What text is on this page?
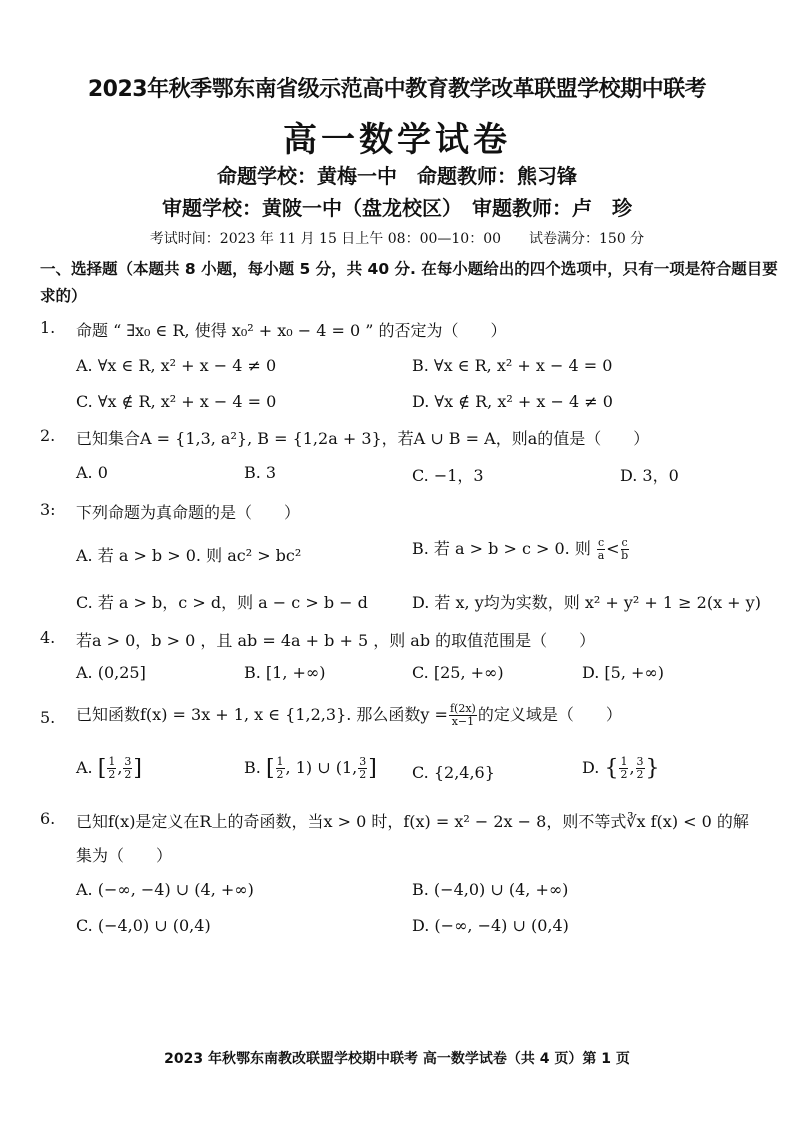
2023年秋季鄂东南省级示范高中教育教学改革联盟学校期中联考
高一数学试卷
命题学校：黄梅一中　命题教师：熊习锋
审题学校：黄陂一中（盘龙校区）　审题教师：卢　珍
考试时间：2023 年 11 月 15 日上午 08：00—10：00　　试卷满分：150 分
一、选择题（本题共 8 小题，每小题 5 分，共 40 分. 在每小题给出的四个选项中，只有一项是符合题目要求的）
1. 命题 “ ∃x₀ ∈ R, 使得 x₀² + x₀ − 4 = 0 ” 的否定为（　　）
A. ∀x ∈ R, x² + x − 4 ≠ 0	B. ∀x ∈ R, x² + x − 4 = 0
C. ∀x ∉ R, x² + x − 4 = 0	D. ∀x ∉ R, x² + x − 4 ≠ 0
2. 已知集合A = {1,3, a²}, B = {1,2a + 3}，若A ∪ B = A，则a的值是（　　）
A. 0	B. 3	C. −1，3	D. 3，0
3: 下列命题为真命题的是（　　）
A. 若 a > b > 0. 则 ac² > bc²	B. 若 a > b > c > 0. 则 $\frac{c}{a} < \frac{c}{b}$
C. 若 a > b，c > d，则 a − c > b − d	D. 若 x, y均为实数，则 x² + y² + 1 ≥ 2(x + y)
4. 若a > 0，b > 0 ，且 ab = 4a + b + 5 ，则 ab 的取值范围是（　　）
A. (0,25]	B. [1, +∞)	C. [25, +∞)	D. [5, +∞)
5. 已知函数f(x) = 3x + 1, x ∈ {1,2,3}. 那么函数$y = \frac{f(2x)}{x-1}$ 的定义域是（　　）
A. [ $\frac{1}{2}$ , $\frac{3}{2}$ ]	B. [ $\frac{1}{2}$ , 1) ∪ (1, $\frac{3}{2}$ ] C. {2,4,6}	D. { $\frac{1}{2}$ , $\frac{3}{2}$ }
6. 已知f(x)是定义在R上的奇函数，当x > 0 时，f(x) = x² − 2x − 8，则不等式∛x f(x) < 0 的解
集为（　　）
A. (−∞, −4) ∪ (4, +∞)	B. (−4,0) ∪ (4, +∞)
C. (−4,0) ∪ (0,4)	D. (−∞, −4) ∪ (0,4)
2023 年秋鄂东南教改联盟学校期中联考 高一数学试卷（共 4 页）第 1 页
